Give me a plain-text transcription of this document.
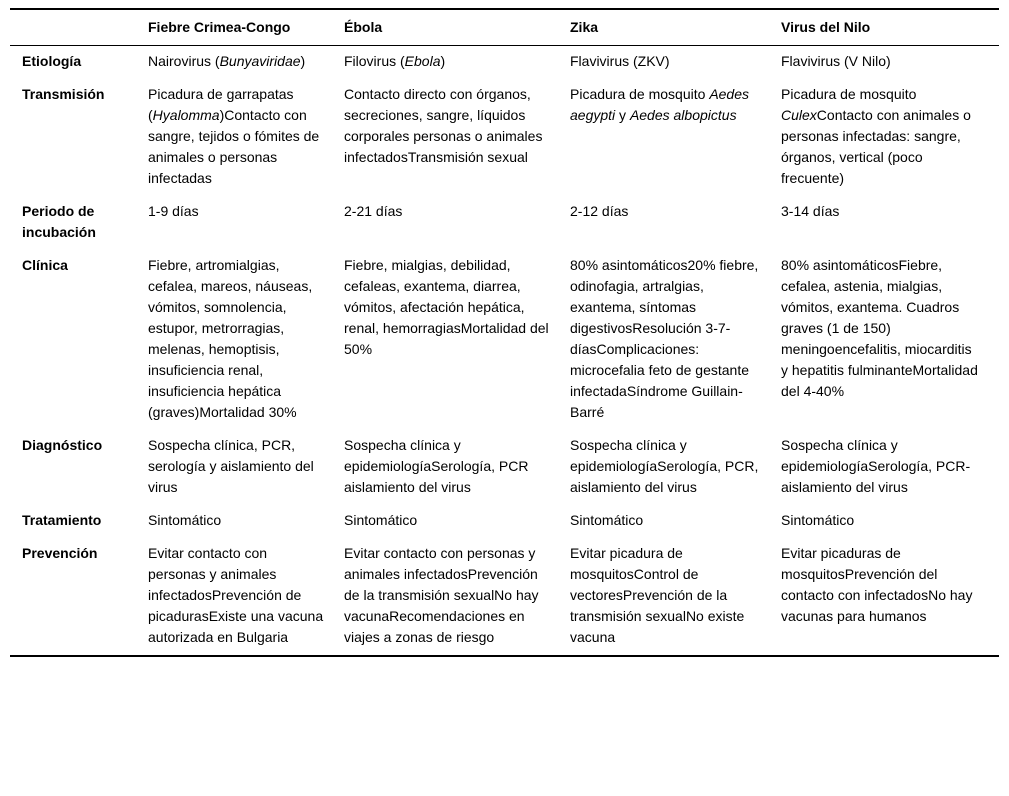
	Fiebre Crimea-Congo	Ébola	Zika	Virus del Nilo
Etiología	Nairovirus (Bunyaviridae)	Filovirus (Ebola)	Flavivirus (ZKV)	Flavivirus (V Nilo)
Transmisión	Picadura de garrapatas (Hyalomma)Contacto con sangre, tejidos o fómites de animales o personas infectadas	Contacto directo con órganos, secreciones, sangre, líquidos corporales personas o animales infectadosTransmisión sexual	Picadura de mosquito Aedes aegypti y Aedes albopictus	Picadura de mosquito CulexContacto con animales o personas infectadas: sangre, órganos, vertical (poco frecuente)
Periodo de incubación	1-9 días	2-21 días	2-12 días	3-14 días
Clínica	Fiebre, artromialgias, cefalea, mareos, náuseas, vómitos, somnolencia, estupor, metrorragias, melenas, hemoptisis, insuficiencia renal, insuficiencia hepática (graves)Mortalidad 30%	Fiebre, mialgias, debilidad, cefaleas, exantema, diarrea, vómitos, afectación hepática, renal, hemorragiasMortalidad del 50%	80% asintomáticos20% fiebre, odinofagia, artralgias, exantema, síntomas digestivosResolución 3-7-díasComplicaciones: microcefalia feto de gestante infectadaSíndrome Guillain-Barré	80% asintomáticosFiebre, cefalea, astenia, mialgias, vómitos, exantema. Cuadros graves (1 de 150) meningoencefalitis, miocarditis y hepatitis fulminanteMortalidad del 4-40%
Diagnóstico	Sospecha clínica, PCR, serología y aislamiento del virus	Sospecha clínica y epidemiologíaSerología, PCR aislamiento del virus	Sospecha clínica y epidemiologíaSerología, PCR, aislamiento del virus	Sospecha clínica y epidemiologíaSerología, PCR-aislamiento del virus
Tratamiento	Sintomático	Sintomático	Sintomático	Sintomático
Prevención	Evitar contacto con personas y animales infectadosPrevención de picadurasExiste una vacuna autorizada en Bulgaria	Evitar contacto con personas y animales infectadosPrevención de la transmisión sexualNo hay vacunaRecomendaciones en viajes a zonas de riesgo	Evitar picadura de mosquitosControl de vectoresPrevención de la transmisión sexualNo existe vacuna	Evitar picaduras de mosquitosPrevención del contacto con infectadosNo hay vacunas para humanos
